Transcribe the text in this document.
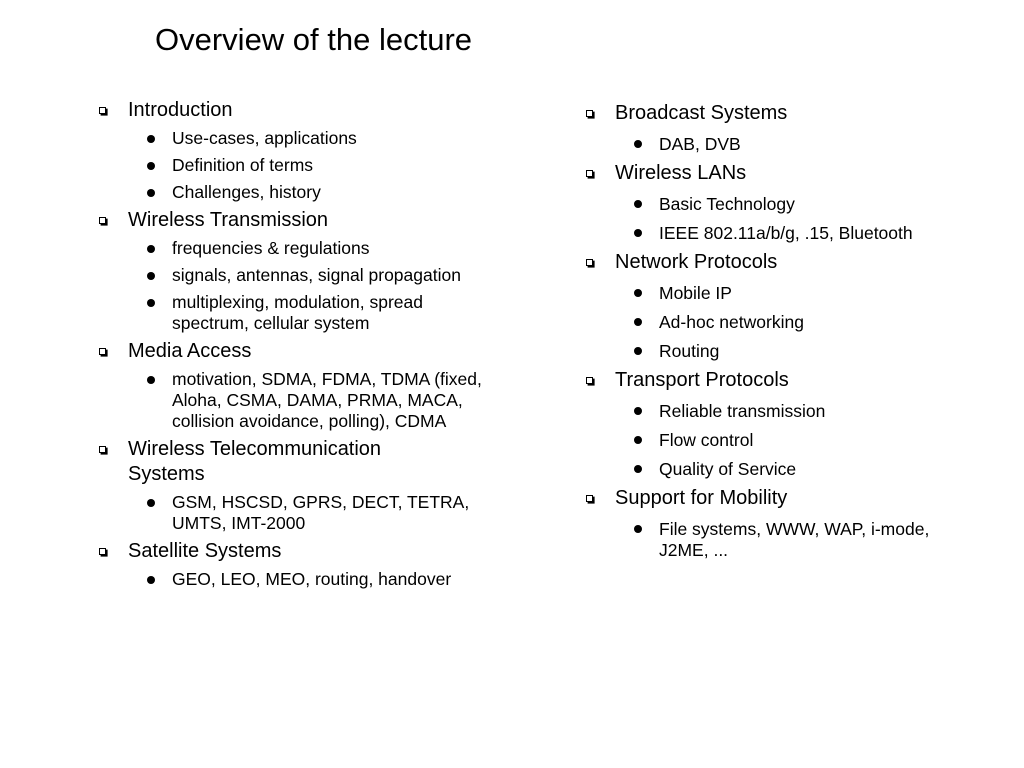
Overview of the lecture
Introduction
Use-cases, applications
Definition of terms
Challenges, history
Wireless Transmission
frequencies & regulations
signals, antennas, signal propagation
multiplexing, modulation, spread spectrum, cellular system
Media Access
motivation, SDMA, FDMA, TDMA (fixed, Aloha, CSMA, DAMA, PRMA, MACA, collision avoidance, polling), CDMA
Wireless Telecommunication Systems
GSM, HSCSD, GPRS, DECT, TETRA, UMTS, IMT-2000
Satellite Systems
GEO, LEO, MEO, routing, handover
Broadcast Systems
DAB, DVB
Wireless LANs
Basic Technology
IEEE 802.11a/b/g, .15, Bluetooth
Network Protocols
Mobile IP
Ad-hoc networking
Routing
Transport Protocols
Reliable transmission
Flow control
Quality of Service
Support for Mobility
File systems, WWW, WAP, i-mode, J2ME, ...
